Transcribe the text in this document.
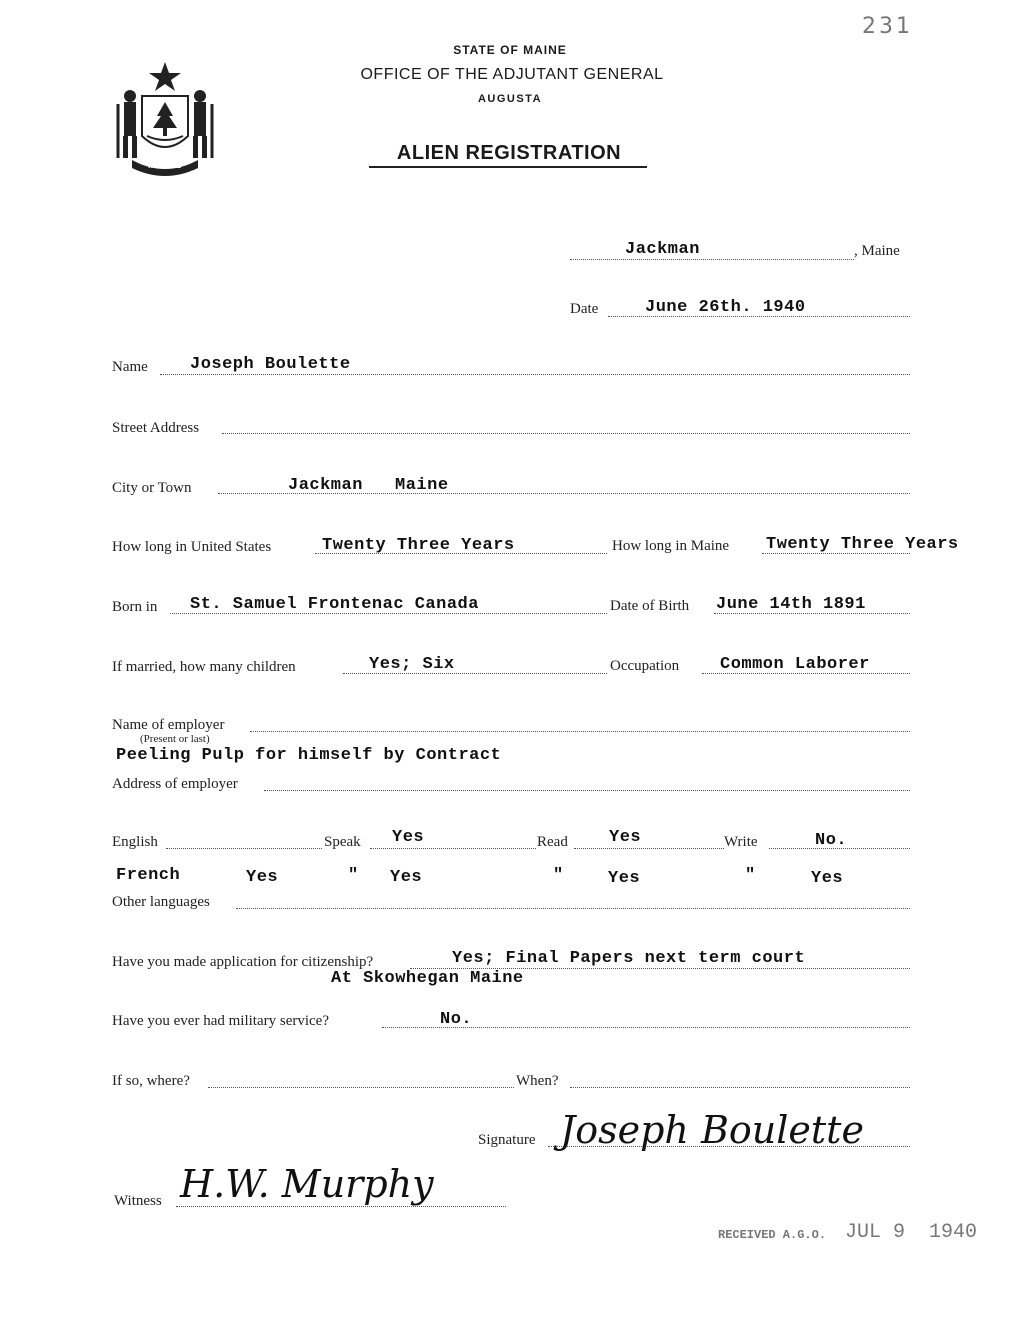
231
MAINE
STATE OF MAINE
OFFICE OF THE ADJUTANT GENERAL
AUGUSTA
ALIEN REGISTRATION
Jackman	, Maine
Date	June 26th. 1940
Name Joseph Boulette
Street Address
City or Town	Jackman   Maine
How long in United States	Twenty Three Years	How long in Maine Twenty Three Years
Born in St. Samuel Frontenac Canada	Date of Birth June 14th 1891
If married, how many children	Yes; Six	Occupation Common Laborer
Name of employer
(Present or last)
Peeling Pulp for himself by Contract
Address of employer
English	Speak Yes	Read Yes	Write	No.
French	Yes	" Yes	"	Yes	"	Yes
Other languages
Have you made application for citizenship?	Yes; Final Papers next term court
At Skowhegan Maine
Have you ever had military service?	No.
If so, where?	When?
Signature Joseph Boulette
Witness H.W. Murphy
RECEIVED A.G.O. JUL 9  1940
